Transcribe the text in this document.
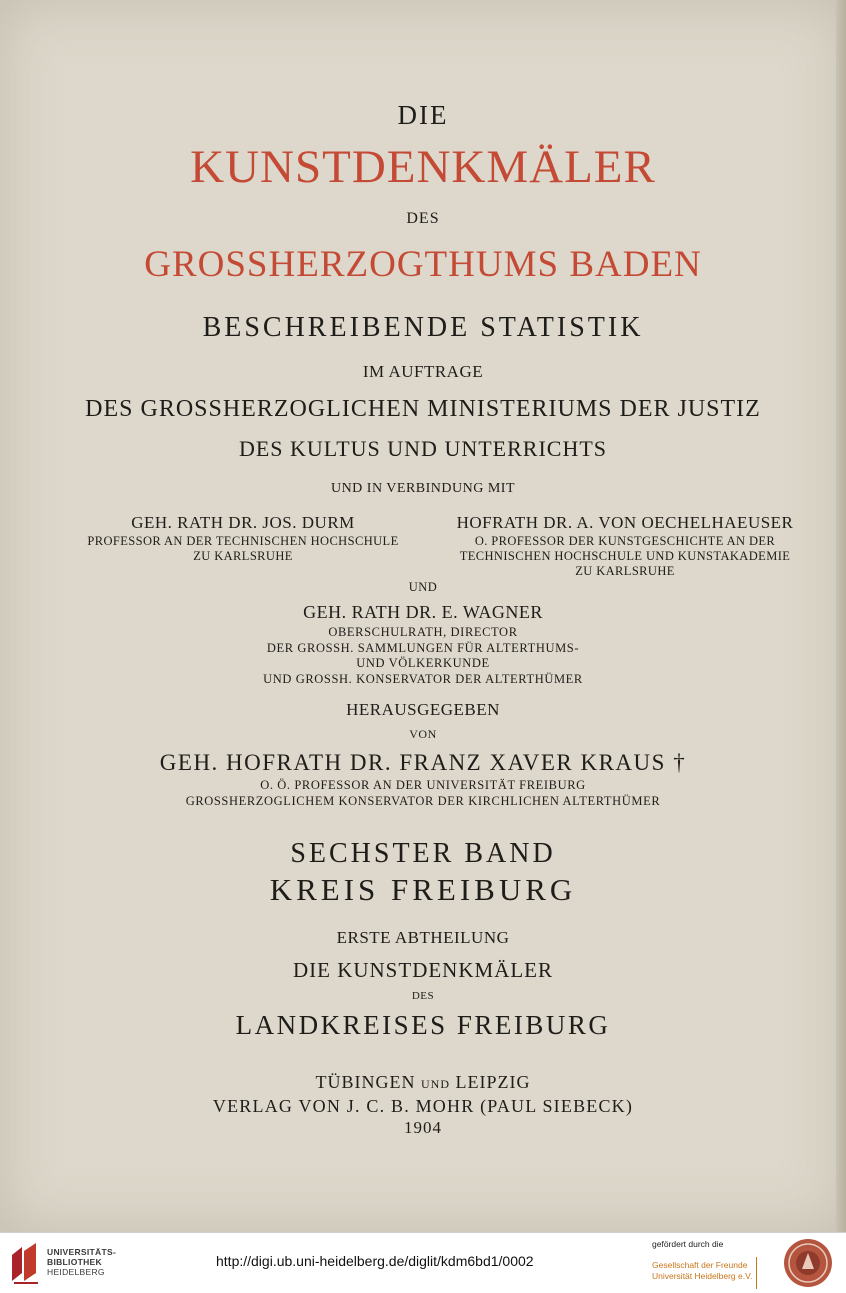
DIE
KUNSTDENKMÄLER
DES
GROSSHERZOGTHUMS BADEN
BESCHREIBENDE STATISTIK
IM AUFTRAGE
DES GROSSHERZOGLICHEN MINISTERIUMS DER JUSTIZ
DES KULTUS UND UNTERRICHTS
UND IN VERBINDUNG MIT
GEH. RATH DR. JOS. DURM
PROFESSOR AN DER TECHNISCHEN HOCHSCHULE
ZU KARLSRUHE
HOFRATH DR. A. VON OECHELHAEUSER
O. PROFESSOR DER KUNSTGESCHICHTE AN DER
TECHNISCHEN HOCHSCHULE UND KUNSTAKADEMIE
ZU KARLSRUHE
UND
GEH. RATH DR. E. WAGNER
OBERSCHULRATH, DIRECTOR
DER GROSSH. SAMMLUNGEN FÜR ALTERTHUMS-
UND VÖLKERKUNDE
UND GROSSH. KONSERVATOR DER ALTERTHÜMER
HERAUSGEGEBEN
VON
GEH. HOFRATH DR. FRANZ XAVER KRAUS †
O. Ö. PROFESSOR AN DER UNIVERSITÄT FREIBURG
GROSSHERZOGLICHEM KONSERVATOR DER KIRCHLICHEN ALTERTHÜMER
SECHSTER BAND
KREIS FREIBURG
ERSTE ABTHEILUNG
DIE KUNSTDENKMÄLER
DES
LANDKREISES FREIBURG
TÜBINGEN UND LEIPZIG
VERLAG VON J. C. B. MOHR (PAUL SIEBECK)
1904
UNIVERSITÄTS-
BIBLIOTHEK
HEIDELBERG
http://digi.ub.uni-heidelberg.de/diglit/kdm6bd1/0002
gefördert durch die
Gesellschaft der Freunde
Universität Heidelberg e.V.
